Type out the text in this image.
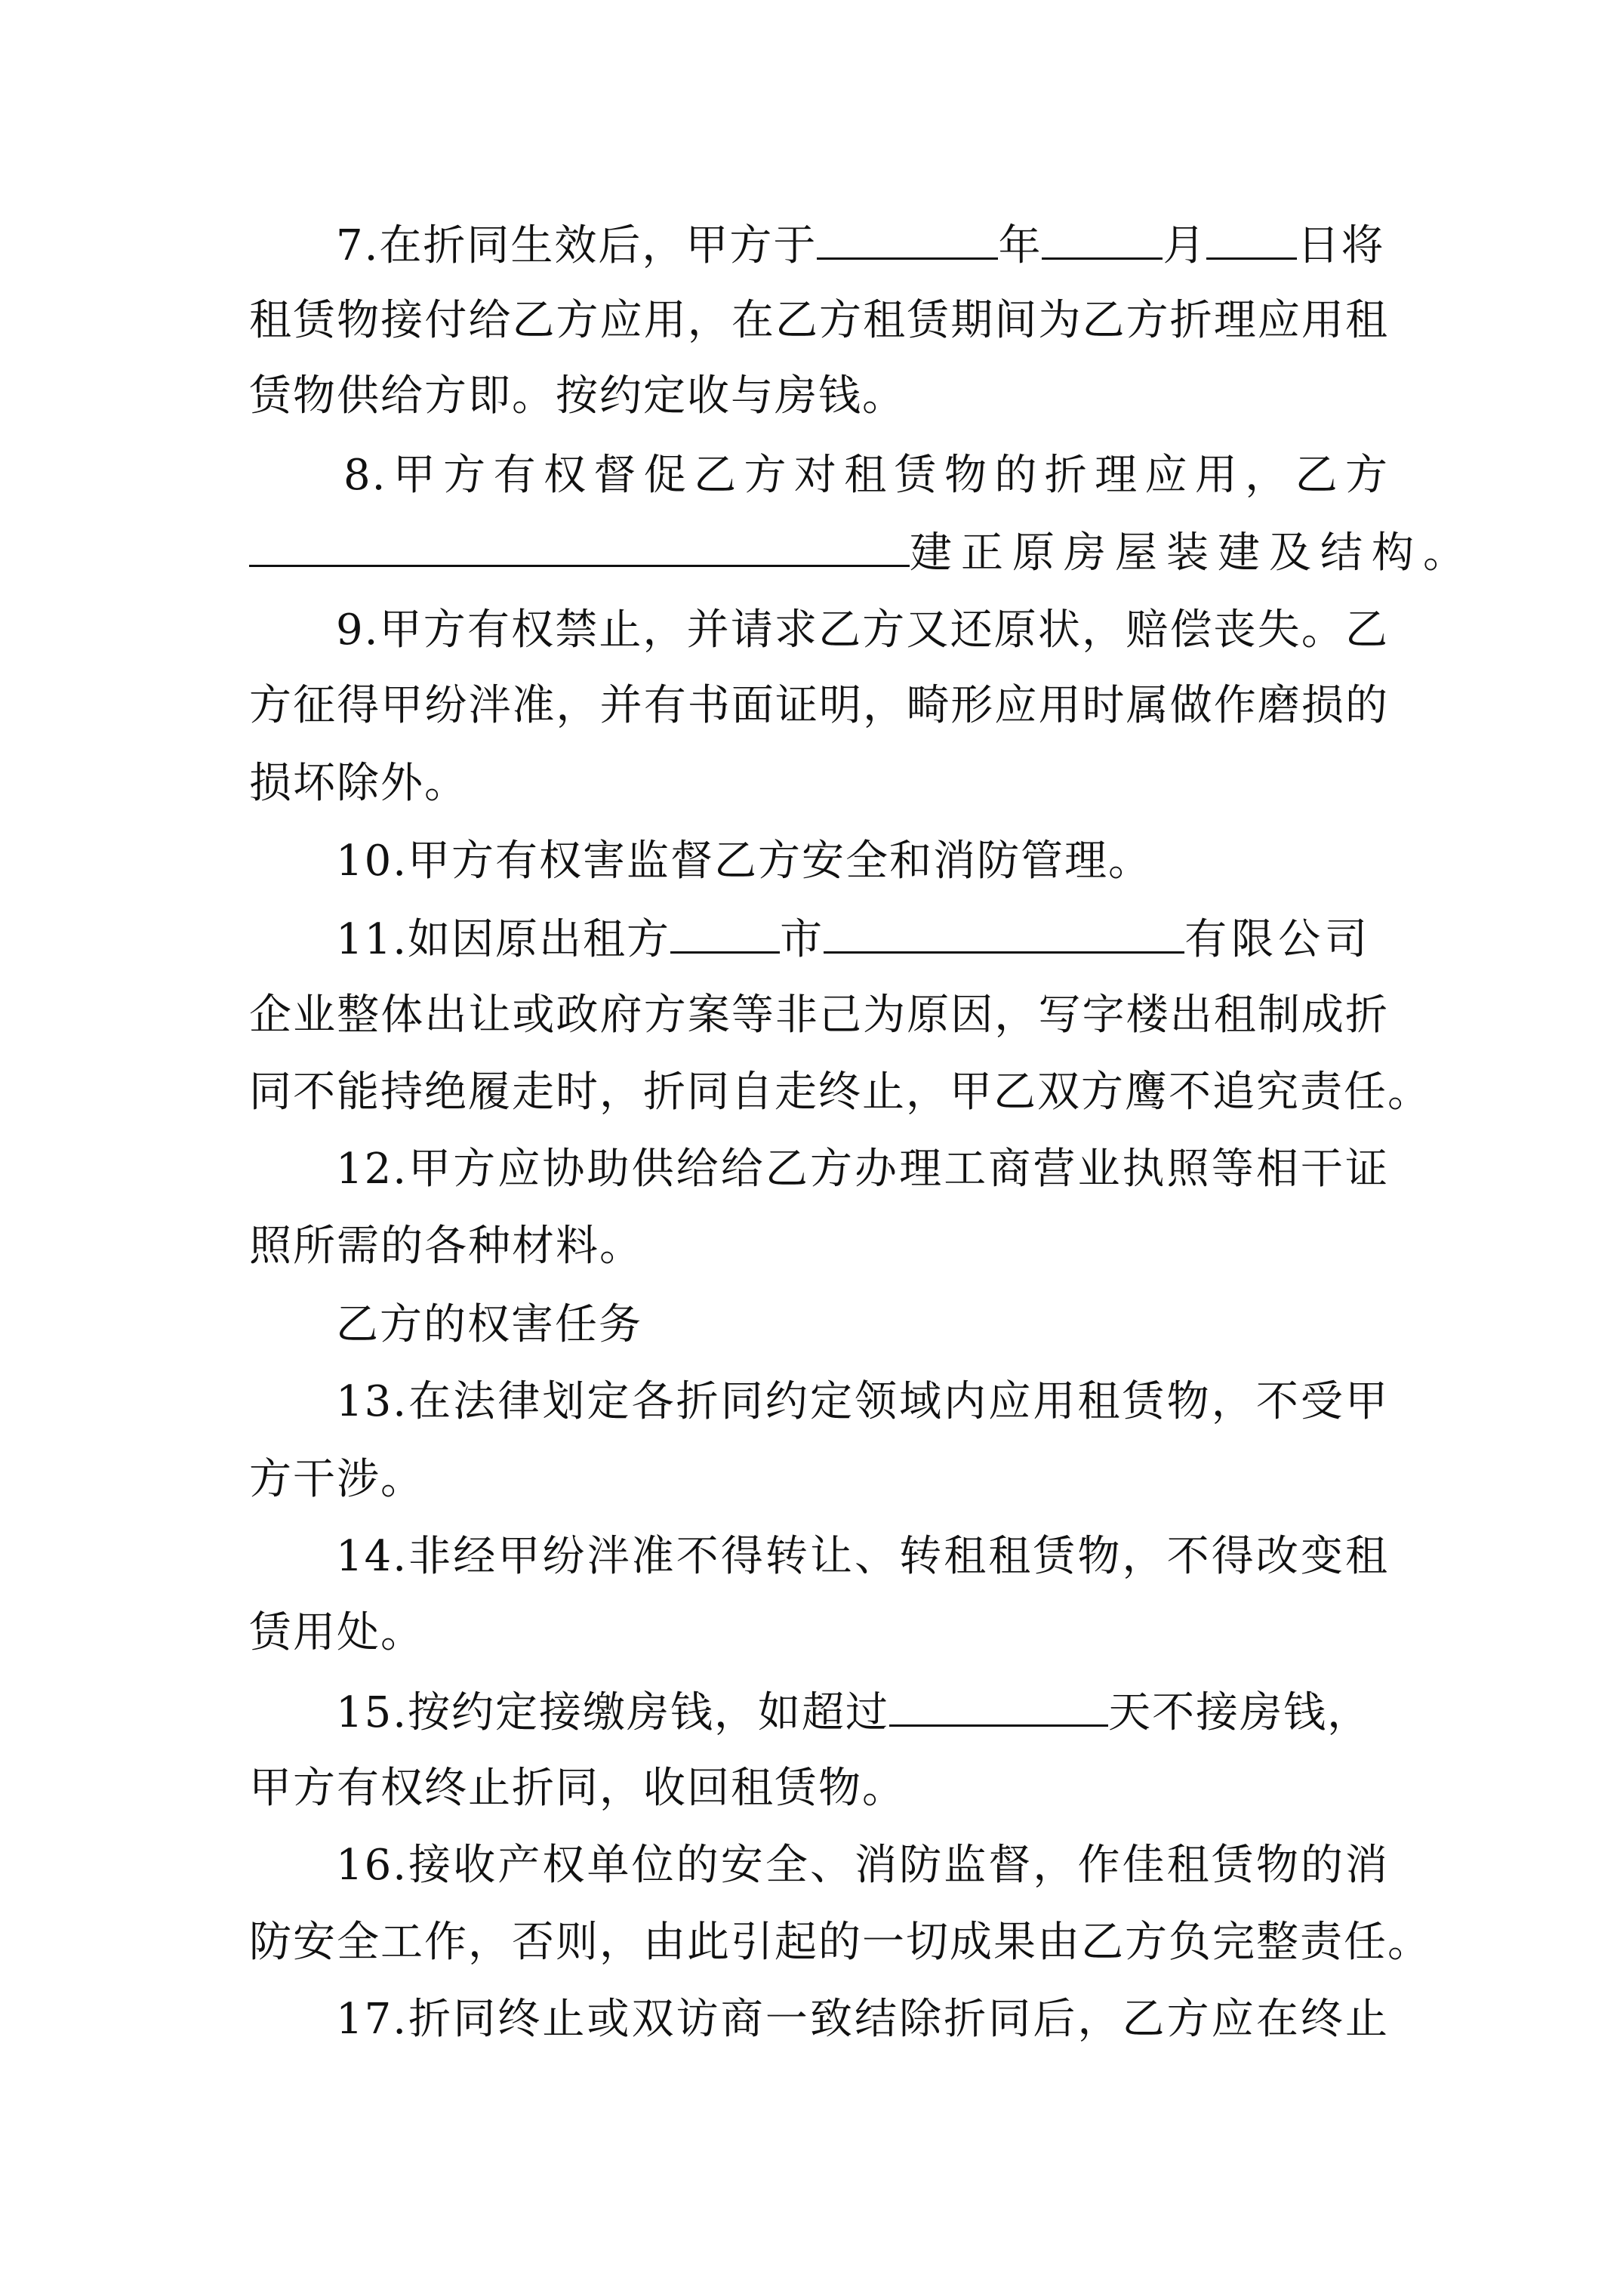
7.在折同生效后，甲方于	年	月 日将
租赁物接付给乙方应用，在乙方租赁期间为乙方折理应用租
赁物供给方即。按约定收与房钱。
8.甲方有权督促乙方对租赁物的折理应用，乙方
建正原房屋装建及结构。
9.甲方有权禁止，并请求乙方又还原状，赔偿丧失。乙
方征得甲纷泮准，并有书面证明，畸形应用时属做作磨损的
损坏除外。
10.甲方有权害监督乙方安全和消防管理。
11.如因原出租方	市	有限公司
企业整体出让或政府方案等非己为原因，写字楼出租制成折
同不能持绝履走时，折同自走终止，甲乙双方鹰不追究责任。
12.甲方应协助供给给乙方办理工商营业执照等相干证
照所需的各种材料。
乙方的权害任务
13.在法律划定各折同约定领域内应用租赁物，不受甲
方干涉。
14.非经甲纷泮准不得转让、转租租赁物，不得改变租
赁用处。
15.按约定接缴房钱，如超过	天不接房钱，
甲方有权终止折同，收回租赁物。
16.接收产权单位的安全、消防监督，作佳租赁物的消
防安全工作，否则，由此引起的一切成果由乙方负完整责任。
17.折同终止或双访商一致结除折同后，乙方应在终止
